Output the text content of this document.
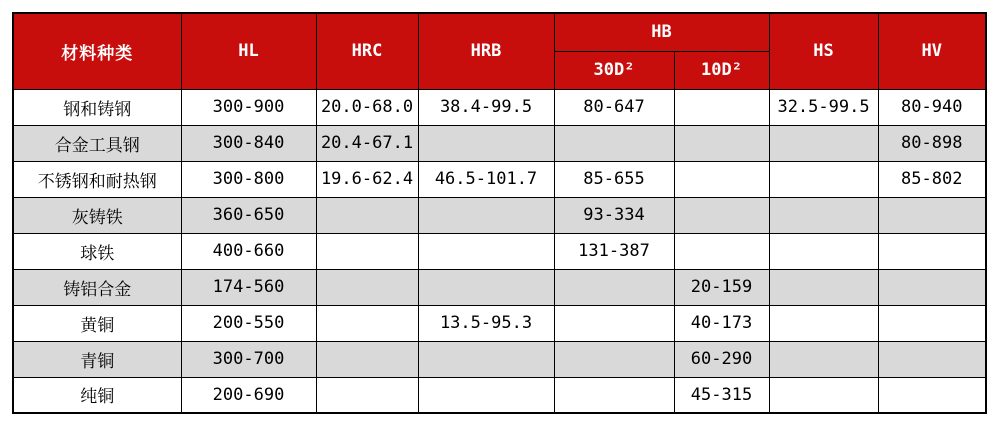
材料种类	HL	HRC	HRB	HB		HS	HV
				30D²	10D²		
钢和铸钢	300-900	20.0-68.0	38.4-99.5	80-647		32.5-99.5	80-940
合金工具钢	300-840	20.4-67.1					80-898
不锈钢和耐热钢	300-800	19.6-62.4	46.5-101.7	85-655			85-802
灰铸铁	360-650			93-334			
球铁	400-660			131-387			
铸铝合金	174-560				20-159		
黄铜	200-550		13.5-95.3		40-173		
青铜	300-700				60-290		
纯铜	200-690				45-315		
